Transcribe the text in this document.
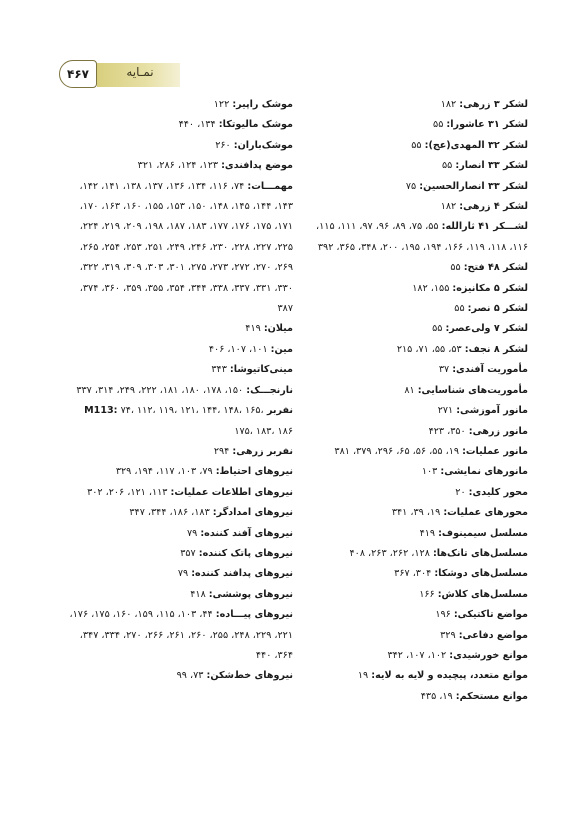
نمـایه
۴۶۷

لشکر ۳ زرهی: ۱۸۲

لشکر ۳۱ عاشورا: ۵۵

لشکر ۳۲ المهدی(عج): ۵۵

لشکر ۳۳ انصار: ۵۵

لشکر ۳۳ انصارالحسین: ۷۵

لشکر ۴ زرهی: ۱۸۲

لشـــکر ۴۱ ثارالله: ۵۵، ۷۵، ۸۹، ۹۶، ۹۷، ۱۱۱، ۱۱۵، ۱۱۶، ۱۱۸، ۱۱۹، ۱۶۶، ۱۹۴، ۱۹۵، ۲۰۰، ۳۴۸، ۳۶۵، ۳۹۲

لشکر ۴۸ فتح: ۵۵

لشکر ۵ مکانیزه: ۱۵۵، ۱۸۲

لشکر ۵ نصر: ۵۵

لشکر ۷ ولی‌عصر: ۵۵

لشکر ۸ نجف: ۵۳، ۵۵، ۷۱، ۲۱۵

مأموریت آفندی: ۳۷

مأموریت‌های شناسایی: ۸۱

مانور آموزشی: ۲۷۱

مانور زرهی: ۳۵۰، ۴۲۳

مانور عملیات: ۱۹، ۵۵، ۵۶، ۶۵، ۲۹۶، ۳۷۹، ۳۸۱

مانورهای نمایشی: ۱۰۳

محور کلیدی: ۲۰

محورهای عملیات: ۱۹، ۳۹، ۳۴۱

مسلسل سیمینوف: ۴۱۹

مسلسل‌های تانک‌ها: ۱۲۸، ۲۶۲، ۲۶۳، ۴۰۸

مسلسل‌های دوشکا: ۳۰۴، ۳۶۷

مسلسل‌های کلاش: ۱۶۶

مواضع تاکتیکی: ۱۹۶

مواضع دفاعی: ۳۲۹

موانع خورشیدی: ۱۰۲، ۱۰۷، ۳۴۲

موانع متعدد، پیچیده و لایه به لایه: ۱۹

موانع مستحکم: ۱۹، ۴۳۵

موشک راپیر: ۱۲۲

موشک مالیوتکا: ۱۳۴، ۴۴۰

موشک‌باران: ۲۶۰

موضع پدافندی: ۱۲۳، ۱۲۴، ۲۸۶، ۳۲۱

مهمـــات: ۷۴، ۱۱۶، ۱۳۴، ۱۳۶، ۱۳۷، ۱۳۸، ۱۴۱، ۱۴۲، ۱۴۳، ۱۴۴، ۱۴۵، ۱۴۸، ۱۵۰، ۱۵۳، ۱۵۵، ۱۶۰، ۱۶۳، ۱۷۰، ۱۷۱، ۱۷۵، ۱۷۶، ۱۷۷، ۱۸۳، ۱۸۷، ۱۹۸، ۲۰۹، ۲۱۹، ۲۲۴، ۲۲۵، ۲۲۷، ۲۲۸، ۲۳۰، ۲۴۶، ۲۴۹، ۲۵۱، ۲۵۳، ۲۵۴، ۲۶۵، ۲۶۹، ۲۷۰، ۲۷۲، ۲۷۳، ۲۷۵، ۳۰۱، ۳۰۳، ۳۰۹، ۳۱۹، ۳۲۲، ۳۳۰، ۳۳۱، ۳۳۷، ۳۳۸، ۳۴۴، ۳۵۴، ۳۵۵، ۳۵۹، ۳۶۰، ۳۷۴، ۳۸۷

میلان: ۴۱۹

مین: ۱۰۱، ۱۰۷، ۴۰۶

مینی‌کاتیوشا: ۳۴۳

نارنجـــک: ۱۵۰، ۱۷۸، ۱۸۰، ۱۸۱، ۲۲۲، ۲۴۹، ۳۱۴، ۳۳۷

نفربر M113: ۷۴، ۱۱۲، ۱۱۹، ۱۲۱، ۱۴۴، ۱۴۸، ۱۶۵، ۱۷۵، ۱۸۳، ۱۸۶

نفربر زرهی: ۲۹۴

نیروهای احتیاط: ۷۹، ۱۰۳، ۱۱۷، ۱۹۴، ۳۲۹

نیروهای اطلاعات عملیات: ۱۱۳، ۱۲۱، ۲۰۶، ۳۰۲

نیروهای امدادگر: ۱۸۳، ۱۸۶، ۳۴۴، ۳۴۷

نیروهای آفند کننده: ۷۹

نیروهای پاتک کننده: ۳۵۷

نیروهای پدافند کننده: ۷۹

نیروهای پوششی: ۴۱۸

نیروهای پیـــاده: ۴۴، ۱۰۳، ۱۱۵، ۱۵۹، ۱۶۰، ۱۷۵، ۱۷۶، ۲۲۱، ۲۲۹، ۲۴۸، ۲۵۵، ۲۶۰، ۲۶۱، ۲۶۶، ۲۷۰، ۳۳۴، ۳۴۷، ۳۶۴، ۴۴۰

نیروهای خط‌شکن: ۷۳، ۹۹
